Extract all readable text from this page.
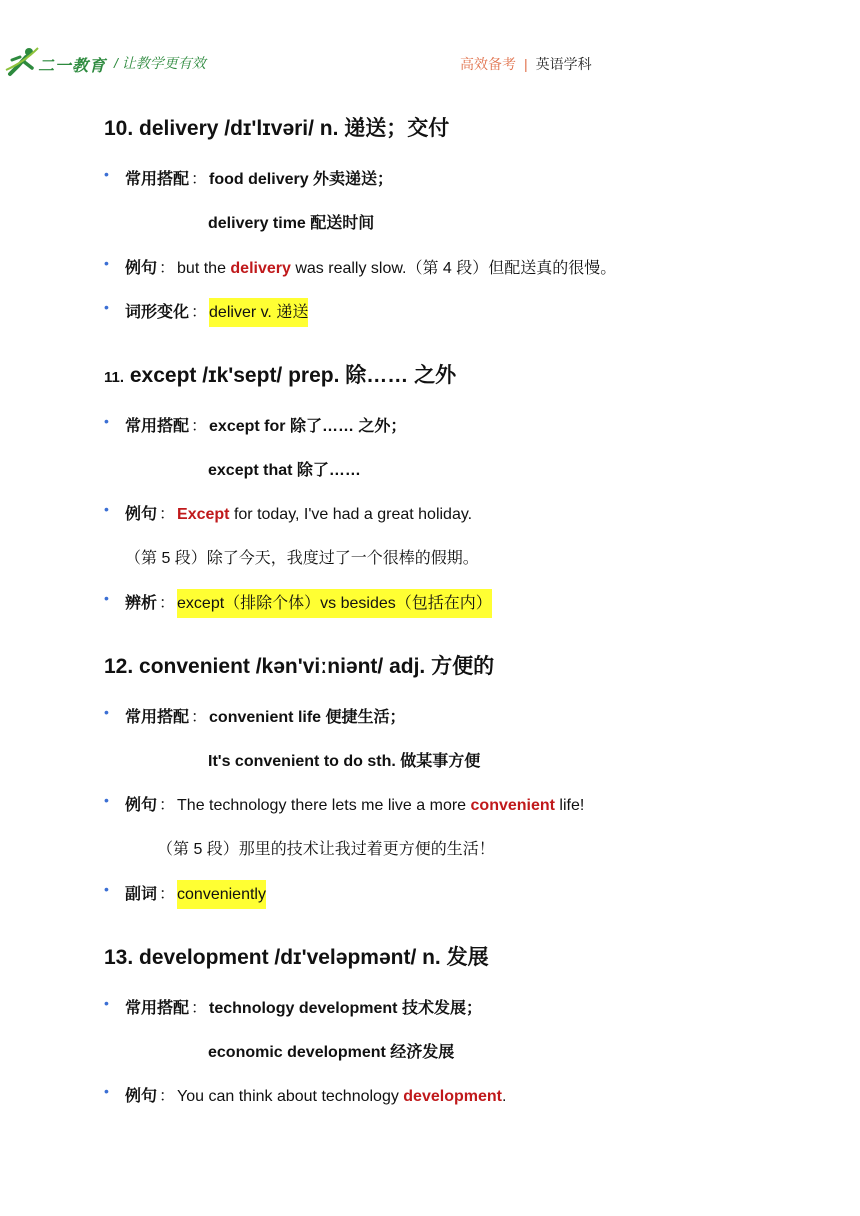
二一教育 / 让教学更有效	高效备考 | 英语学科
10. delivery /dɪ'lɪvəri/ n. 递送；交付
• 常用搭配 ： food delivery 外卖递送；
delivery time 配送时间
• 例句 ： but the delivery was really slow.（第 4 段）但配送真的很慢。
• 词形变化 ： deliver v. 递送
11. except /ɪk'sept/ prep. 除…… 之外
• 常用搭配 ： except for 除了…… 之外；
except that 除了……
• 例句 ： Except for today, I've had a great holiday.
（第 5 段）除了今天，我度过了一个很棒的假期。
• 辨析 ： except（排除个体）vs besides（包括在内）
12. convenient /kən'viːniənt/ adj. 方便的
• 常用搭配 ： convenient life 便捷生活；
It's convenient to do sth. 做某事方便
• 例句 ： The technology there lets me live a more convenient life!
（第 5 段）那里的技术让我过着更方便的生活！
• 副词 ： conveniently
13. development /dɪ'veləpmənt/ n. 发展
• 常用搭配 ： technology development 技术发展；
economic development 经济发展
• 例句 ： You can think about technology development.
